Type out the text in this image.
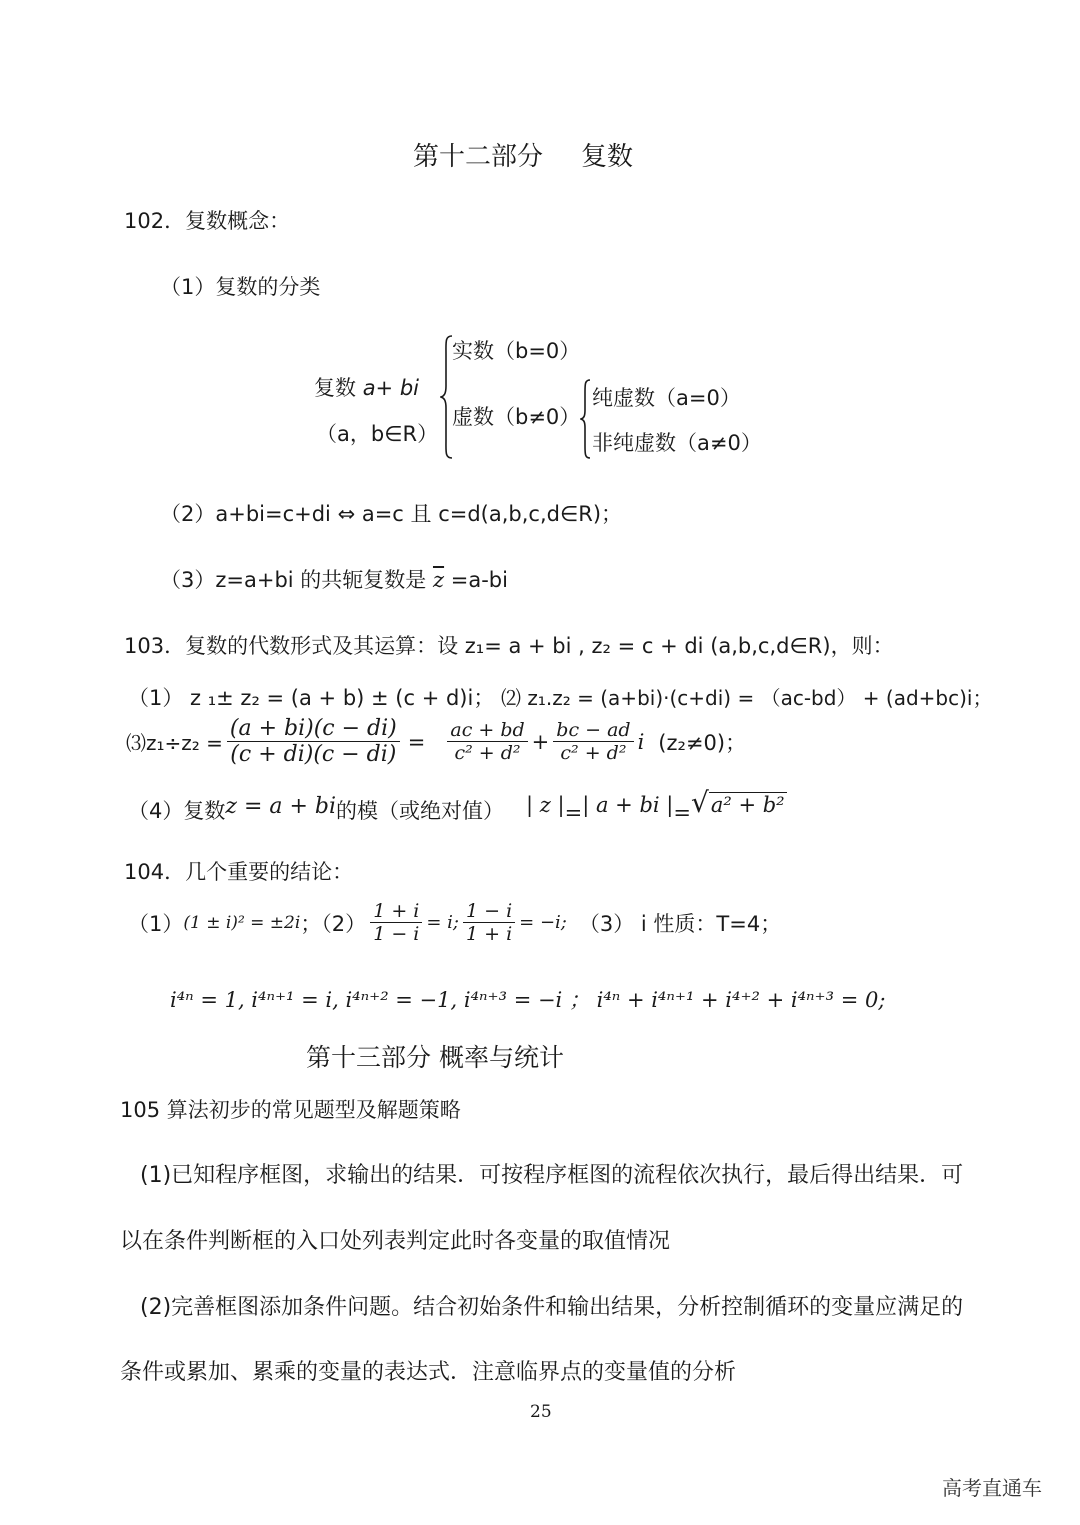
第十二部分 复数
102．复数概念：
（1）复数的分类
复数 a+ bi
（a，b∈R）
实数（b=0）
虚数（b≠0）
纯虚数（a=0）
非纯虚数（a≠0）
（2）a+bi=c+di ⇔ a=c 且 c=d(a,b,c,d∈R)；
（3）z=a+bi 的共轭复数是 $\overline{z} =a-bi$
103．复数的代数形式及其运算：设 z₁= a + bi , z₂ = c + di (a,b,c,d∈R)，则：
（1） z ₁± z₂ = (a + b) ± (c + d)i； ⑵ z₁.z₂ = (a+bi)·(c+di) = （ac-bd） + (ad+bc)i；
⑶z₁÷z₂ = $\frac{(a + bi)(c - di)}{(c + di)(c - di)} = \frac{ac + bd}{\text{c² + d²}} + \frac{bc - ad}{\text{c² + d²}}$ i (z₂≠0)；
（4）复数 z = a + bi 的模（或绝对值） | z | = | a + bi | = √ a² + b²
104．几个重要的结论：
（1） (1 ± i)² = ±2i ；$(2) \frac{1 + i}{1 - i} = i$; $\frac{1 - i}{1 + i} = -i$; （3） i 性质：T=4；
i⁴ⁿ = 1, i⁴ⁿ⁺¹ = i, i⁴ⁿ⁺² = −1, i⁴ⁿ⁺³ = −i ； i⁴ⁿ + i⁴ⁿ⁺¹ + i⁴⁺² + i⁴ⁿ⁺³ = 0;
第十三部分 概率与统计
105 算法初步的常见题型及解题策略
(1)已知程序框图，求输出的结果．可按程序框图的流程依次执行，最后得出结果．可
以在条件判断框的入口处列表判定此时各变量的取值情况
(2)完善框图添加条件问题。结合初始条件和输出结果，分析控制循环的变量应满足的
条件或累加、累乘的变量的表达式．注意临界点的变量值的分析
25
高考直通车
